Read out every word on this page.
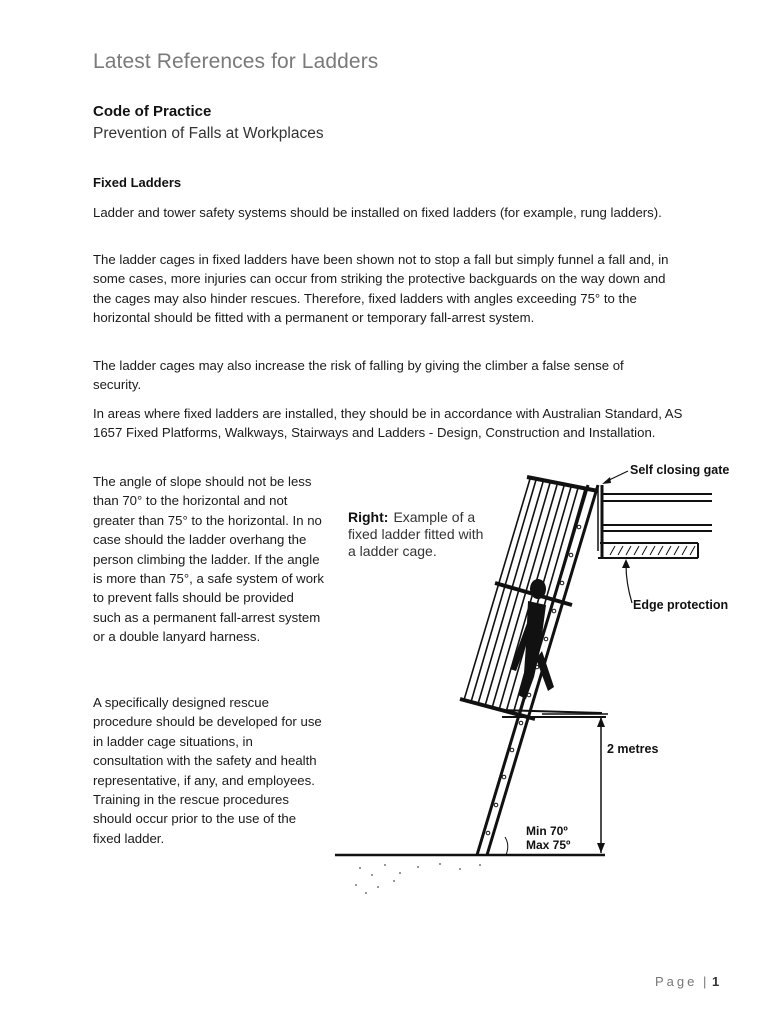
Latest References for Ladders
Code of Practice
Prevention of Falls at Workplaces
Fixed Ladders

Ladder and tower safety systems should be installed on fixed ladders (for example, rung ladders).

The ladder cages in fixed ladders have been shown not to stop a fall but simply funnel a fall and, in some cases, more injuries can occur from striking the protective backguards on the way down and the cages may also hinder rescues. Therefore, fixed ladders with angles exceeding 75° to the horizontal should be fitted with a permanent or temporary fall-arrest system.

The ladder cages may also increase the risk of falling by giving the climber a false sense of security.

In areas where fixed ladders are installed, they should be in accordance with Australian Standard, AS 1657 Fixed Platforms, Walkways, Stairways and Ladders - Design, Construction and Installation.

The angle of slope should not be less than 70° to the horizontal and not greater than 75° to the horizontal. In no case should the ladder overhang the person climbing the ladder. If the angle is more than 75°, a safe system of work to prevent falls should be provided such as a permanent fall-arrest system or a double lanyard harness.

A specifically designed rescue procedure should be developed for use in ladder cage situations, in consultation with the safety and health representative, if any, and employees. Training in the rescue procedures should occur prior to the use of the fixed ladder.

Right: Example of a
fixed ladder fitted with
a ladder cage.
Self closing gate
Edge protection
2 metres
Min 70º
Max 75º
Page | 1
